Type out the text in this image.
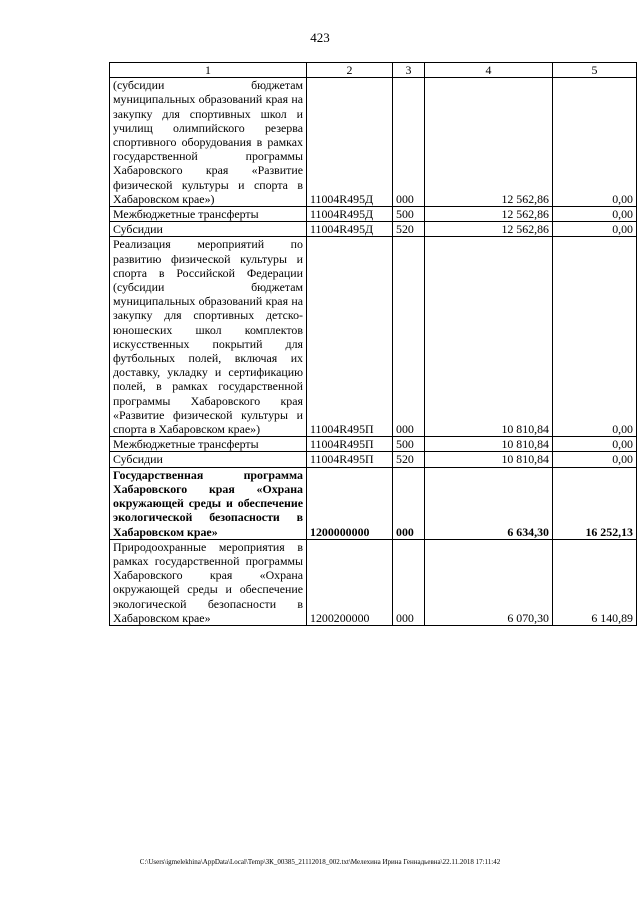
423
1	2	3	4	5
(субсидии бюджетам муниципальных образований края на закупку для спортивных школ и училищ олимпийского резерва спортивного оборудования в рамках государственной программы Хабаровского края «Развитие физической культуры и спорта в Хабаровском крае»)	11004R495Д	000	12 562,86	0,00
Межбюджетные трансферты	11004R495Д	500	12 562,86	0,00
Субсидии	11004R495Д	520	12 562,86	0,00
Реализация мероприятий по развитию физической культуры и спорта в Российской Федерации (субсидии бюджетам муниципальных образований края на закупку для спортивных детско-юношеских школ комплектов искусственных покрытий для футбольных полей, включая их доставку, укладку и сертификацию полей, в рамках государственной программы Хабаровского края «Развитие физической культуры и спорта в Хабаровском крае»)	11004R495П	000	10 810,84	0,00
Межбюджетные трансферты	11004R495П	500	10 810,84	0,00
Субсидии	11004R495П	520	10 810,84	0,00
Государственная программа Хабаровского края «Охрана окружающей среды и обеспечение экологической безопасности в Хабаровском крае»	1200000000	000	6 634,30	16 252,13
Природоохранные мероприятия в рамках государственной программы Хабаровского края «Охрана окружающей среды и обеспечение экологической безопасности в Хабаровском крае»	1200200000	000	6 070,30	6 140,89
C:\Users\igmelekhina\AppData\Local\Temp\ЗК_00385_21112018_002.txt\Мелехина Ирина Геннадьевна\22.11.2018 17:11:42
